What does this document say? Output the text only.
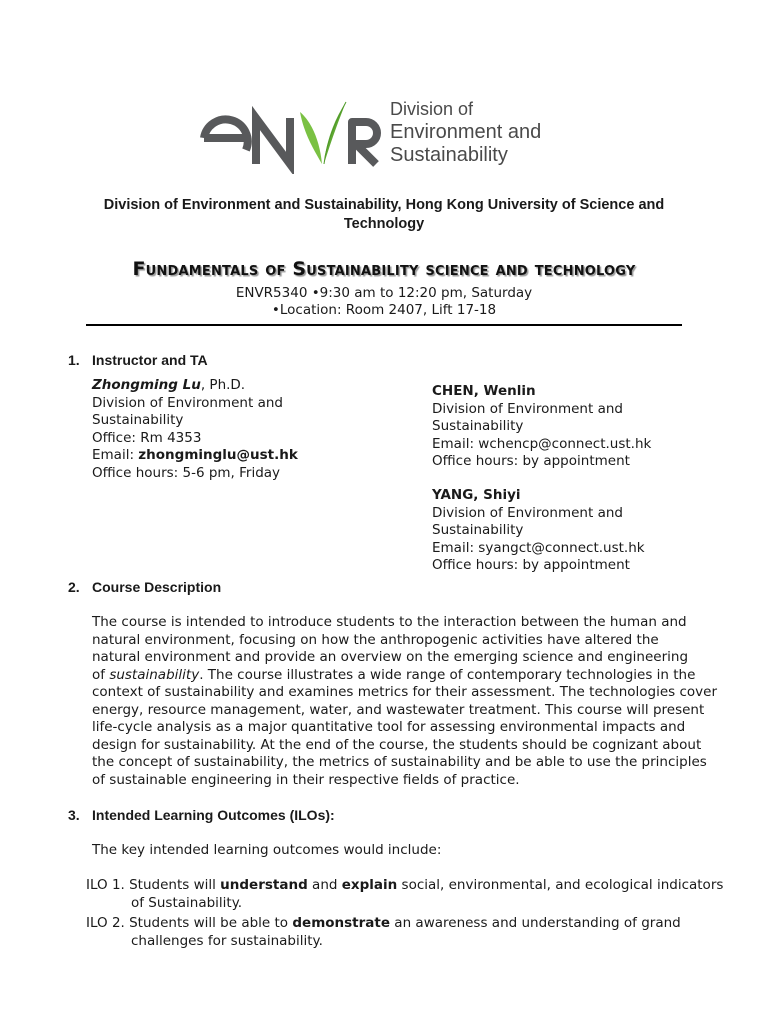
Division of
Environment and
Sustainability
Division of Environment and Sustainability, Hong Kong University of Science and
Technology
Fundamentals of Sustainability science and technology
ENVR5340 •9:30 am to 12:20 pm, Saturday
•Location: Room 2407, Lift 17-18
1. Instructor and TA
Zhongming Lu, Ph.D.
Division of Environment and
Sustainability
Office: Rm 4353
Email: zhongminglu@ust.hk
Office hours: 5-6 pm, Friday
CHEN, Wenlin
Division of Environment and
Sustainability
Email: wchencp@connect.ust.hk
Office hours: by appointment
YANG, Shiyi
Division of Environment and
Sustainability
Email: syangct@connect.ust.hk
Office hours: by appointment
2. Course Description
The course is intended to introduce students to the interaction between the human and
natural environment, focusing on how the anthropogenic activities have altered the
natural environment and provide an overview on the emerging science and engineering
of sustainability. The course illustrates a wide range of contemporary technologies in the
context of sustainability and examines metrics for their assessment. The technologies cover
energy, resource management, water, and wastewater treatment. This course will present
life-cycle analysis as a major quantitative tool for assessing environmental impacts and
design for sustainability. At the end of the course, the students should be cognizant about
the concept of sustainability, the metrics of sustainability and be able to use the principles
of sustainable engineering in their respective fields of practice.
3. Intended Learning Outcomes (ILOs):
The key intended learning outcomes would include:
ILO 1. Students will understand and explain social, environmental, and ecological indicators
of Sustainability.
ILO 2. Students will be able to demonstrate an awareness and understanding of grand
challenges for sustainability.
